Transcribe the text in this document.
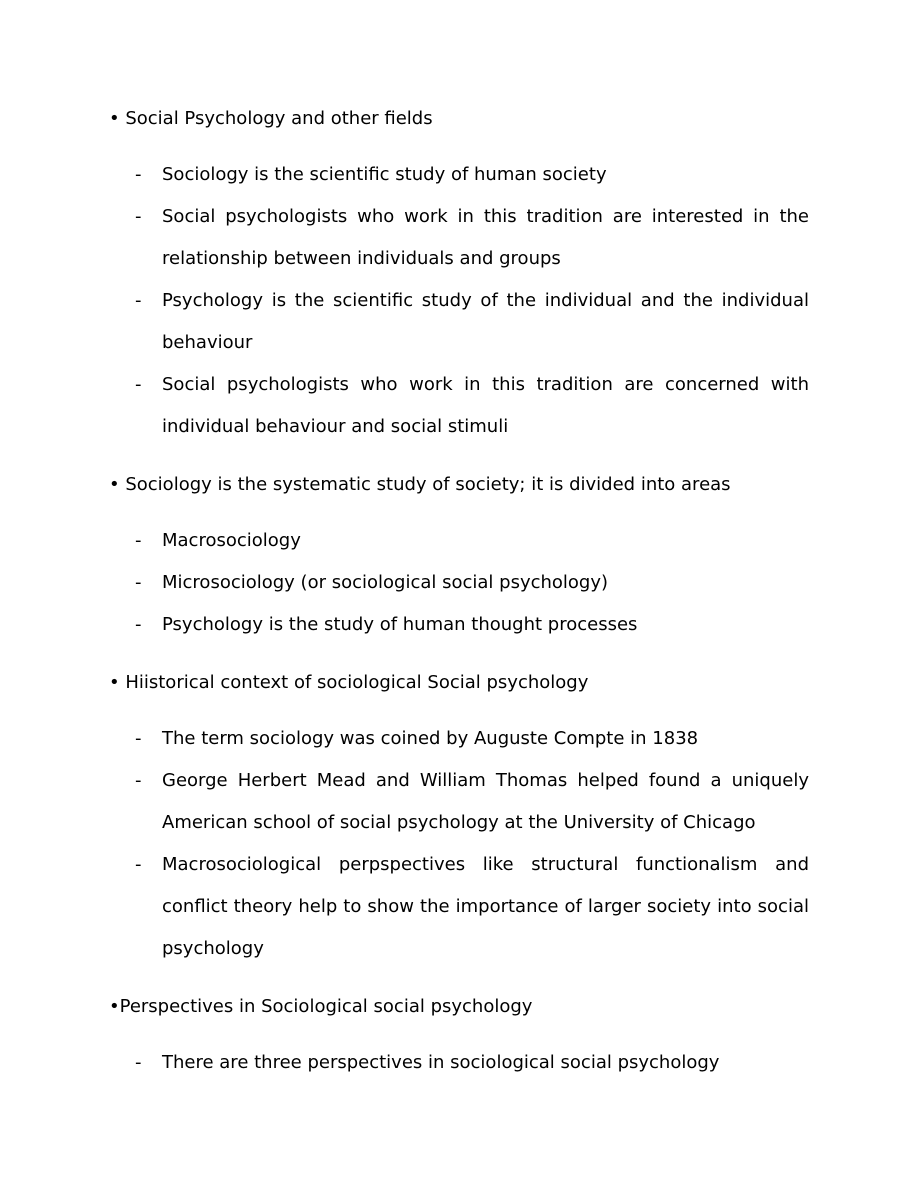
• Social Psychology and other fields
- Sociology is the scientific study of human society
- Social psychologists who work in this tradition are interested in the relationship between individuals and groups
- Psychology is the scientific study of the individual and the individual behaviour
- Social psychologists who work in this tradition are concerned with individual behaviour and social stimuli
• Sociology is the systematic study of society; it is divided into areas
- Macrosociology
- Microsociology (or sociological social psychology)
- Psychology is the study of human thought processes
• Hiistorical context of sociological Social psychology
- The term sociology was coined by Auguste Compte in 1838
- George Herbert Mead and William Thomas helped found a uniquely American school of social psychology at the University of Chicago
- Macrosociological perpspectives like structural functionalism and conflict theory help to show the importance of larger society into social psychology
•Perspectives in Sociological social psychology
- There are three perspectives in sociological social psychology
